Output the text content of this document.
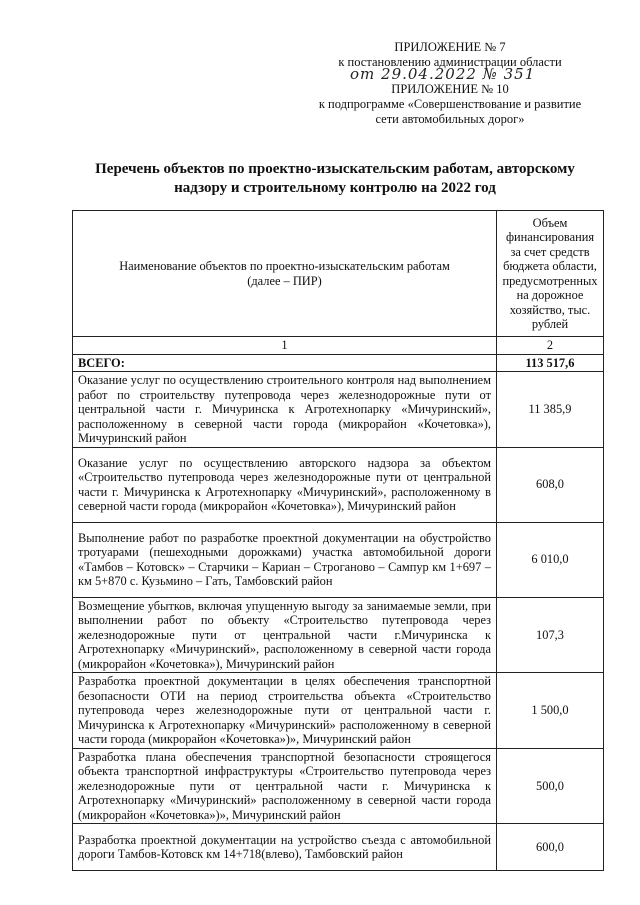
ПРИЛОЖЕНИЕ № 7
к постановлению администрации области
от 29.04.2022 № 351
ПРИЛОЖЕНИЕ № 10
к подпрограмме «Совершенствование и развитие
сети автомобильных дорог»
Перечень объектов по проектно-изыскательским работам, авторскому
надзору и строительному контролю на 2022 год
Наименование объектов по проектно-изыскательским работам
(далее – ПИР)	Объем финансирования за счет средств бюджета области, предусмотренных на дорожное хозяйство, тыс. рублей
1	2
ВСЕГО:	113 517,6
Оказание услуг по осуществлению строительного контроля над выполнением работ по строительству путепровода через железнодорожные пути от центральной части г. Мичуринска к Агротехнопарку «Мичуринский», расположенному в северной части города (микрорайон «Кочетовка»), Мичуринский район	11 385,9
Оказание услуг по осуществлению авторского надзора за объектом «Строительство путепровода через железнодорожные пути от центральной части г. Мичуринска к Агротехнопарку «Мичуринский», расположенному в северной части города (микрорайон «Кочетовка»), Мичуринский район	608,0
Выполнение работ по разработке проектной документации на обустройство тротуарами (пешеходными дорожками) участка автомобильной дороги «Тамбов – Котовск» – Старчики – Кариан – Строганово – Сампур км 1+697 – км 5+870 с. Кузьмино – Гать, Тамбовский район	6 010,0
Возмещение убытков, включая упущенную выгоду за занимаемые земли, при выполнении работ по объекту «Строительство путепровода через железнодорожные пути от центральной части г.Мичуринска к Агротехнопарку «Мичуринский», расположенному в северной части города (микрорайон «Кочетовка»), Мичуринский район	107,3
Разработка проектной документации в целях обеспечения транспортной безопасности ОТИ на период строительства объекта «Строительство путепровода через железнодорожные пути от центральной части г. Мичуринска к Агротехнопарку «Мичуринский» расположенному в северной части города (микрорайон «Кочетовка»)», Мичуринский район	1 500,0
Разработка плана обеспечения транспортной безопасности строящегося объекта транспортной инфраструктуры «Строительство путепровода через железнодорожные пути от центральной части г. Мичуринска к Агротехнопарку «Мичуринский» расположенному в северной части города (микрорайон «Кочетовка»)», Мичуринский район	500,0
Разработка проектной документации на устройство съезда с автомобильной дороги Тамбов-Котовск км 14+718(влево), Тамбовский район	600,0
